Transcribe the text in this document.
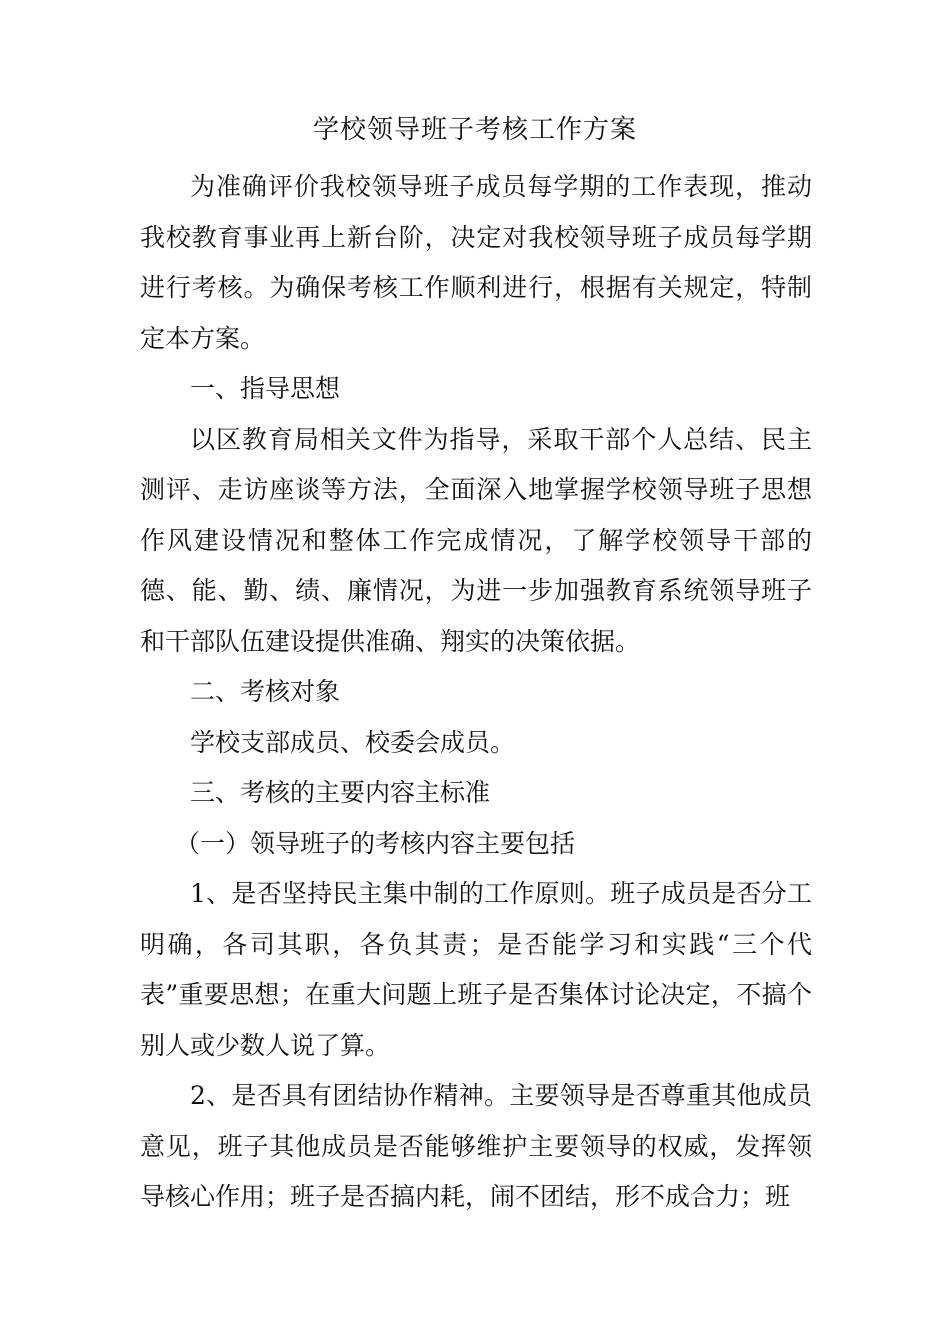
学校领导班子考核工作方案

为准确评价我校领导班子成员每学期的工作表现，推动我校教育事业再上新台阶，决定对我校领导班子成员每学期进行考核。为确保考核工作顺利进行，根据有关规定，特制定本方案。

一、指导思想

以区教育局相关文件为指导，采取干部个人总结、民主测评、走访座谈等方法，全面深入地掌握学校领导班子思想作风建设情况和整体工作完成情况，了解学校领导干部的德、能、勤、绩、廉情况，为进一步加强教育系统领导班子和干部队伍建设提供准确、翔实的决策依据。

二、考核对象

学校支部成员、校委会成员。

三、考核的主要内容主标准

（一）领导班子的考核内容主要包括

1、是否坚持民主集中制的工作原则。班子成员是否分工明确，各司其职，各负其责；是否能学习和实践“三个代表”重要思想；在重大问题上班子是否集体讨论决定，不搞个别人或少数人说了算。

2、是否具有团结协作精神。主要领导是否尊重其他成员意见，班子其他成员是否能够维护主要领导的权威，发挥领导核心作用；班子是否搞内耗，闹不团结，形不成合力；班
